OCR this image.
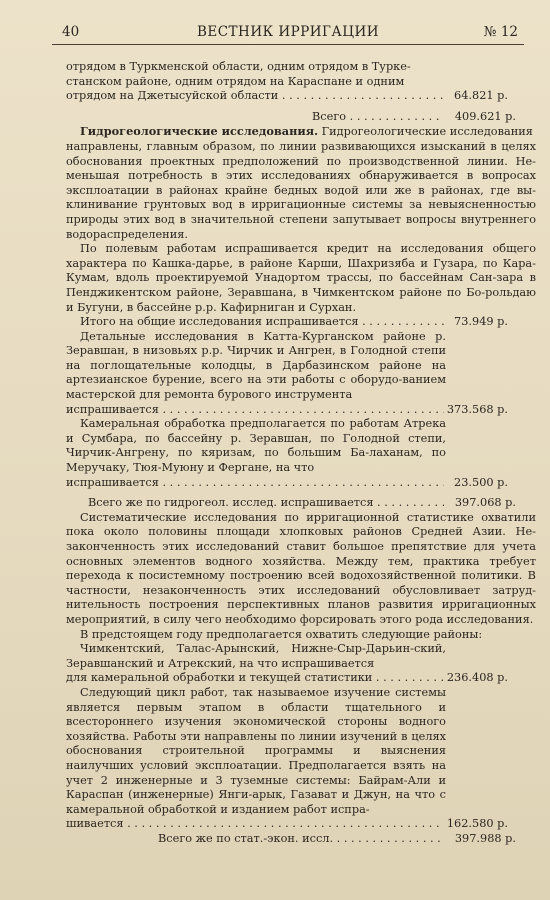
40	ВЕСТНИК ИРРИГАЦИИ	№ 12

отрядом в Туркменской области, одним отрядом в Турке-

станском районе, одним отрядом на Караспане и одним

отрядом на Джетысуйской области . . .	64.821 р.
Всего . . .	409.621 р.

Гидрогеологические исследования. Гидрогеологические исследования

направлены, главным образом, по линии развивающихся изысканий в целях обоснования проектных предположений по производственной линии. Не-меньшая потребность в этих исследованиях обнаруживается в вопросах эксплоатации в районах крайне бедных водой или же в районах, где вы-клинивание грунтовых вод в ирригационные системы за невыясненностью природы этих вод в значительной степени запутывает вопросы внутреннего водораспределения.

По полевым работам испрашивается кредит на исследования общего характера по Кашка-дарье, в районе Карши, Шахризяба и Гузара, по Кара-Кумам, вдоль проектируемой Унадортом трассы, по бассейнам Сан-зара в Пенджикентском районе, Зеравшана, в Чимкентском районе по Бо-рольдаю и Бугуни, в бассейне р.р. Кафирниган и Сурхан.

Итого на общие исследования испрашивается . . .	73.949 р.

Детальные исследования в Катта-Курганском районе р. Зеравшан, в низовьях р.р. Чирчик и Ангрен, в Голодной степи на поглощательные колодцы, в Дарбазинском районе на артезианское бурение, всего на эти работы с оборудо-ванием мастерской для ремонта бурового инструмента

испрашивается . . .	373.568 р.

Камеральная обработка предполагается по работам Атрека и Сумбара, по бассейну р. Зеравшан, по Голодной степи, Чирчик-Ангрену, по кяризам, по большим Ба-лаханам, по Меручаку, Тюя-Муюну и Фергане, на что

испрашивается . . .	23.500 р.
Всего же по гидрогеол. исслед. испрашивается . . .	397.068 р.

Систематические исследования по ирригационной статистике охватили пока около половины площади хлопковых районов Средней Азии. Не-законченность этих исследований ставит большое препятствие для учета основных элементов водного хозяйства. Между тем, практика требует перехода к посистемному построению всей водохозяйственной политики. В частности, незаконченность этих исследований обусловливает затруд-нительность построения перспективных планов развития ирригационных мероприятий, в силу чего необходимо форсировать этого рода исследования.

В предстоящем году предполагается охватить следующие районы:

Чимкентский, Талас-Арынский, Нижне-Сыр-Дарьин-ский, Зеравшанский и Атрекский, на что испрашивается

для камеральной обработки и текущей статистики . . .	236.408 р.

Следующий цикл работ, так называемое изучение системы является первым этапом в области тщательного и всестороннего изучения экономической стороны водного хозяйства. Работы эти направлены по линии изучений в целях обоснования строительной программы и выяснения наилучших условий эксплоатации. Предполагается взять на учет 2 инженерные и 3 туземные системы: Байрам-Али и Караспан (инженерные) Янги-арык, Газават и Джун, на что с камеральной обработкой и изданием работ испра-

шивается . . .	162.580 р.
Всего же по стат.-экон. иссл. . . .	397.988 р.
